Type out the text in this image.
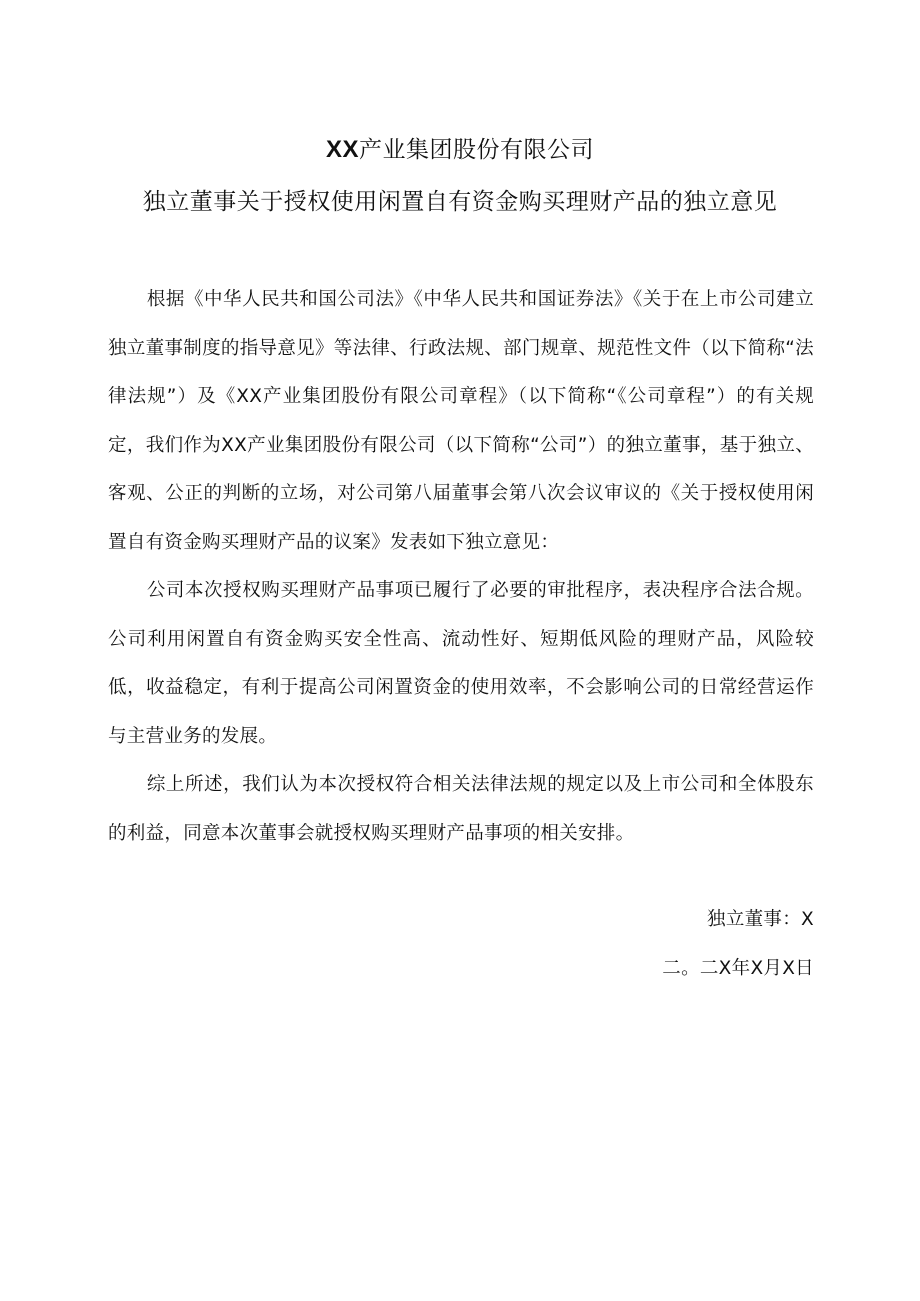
XX产业集团股份有限公司
独立董事关于授权使用闲置自有资金购买理财产品的独立意见

根据《中华人民共和国公司法》《中华人民共和国证券法》《关于在上市公司建立独立董事制度的指导意见》等法律、行政法规、部门规章、规范性文件（以下简称“法律法规”）及《XX产业集团股份有限公司章程》（以下简称“《公司章程”）的有关规定，我们作为XX产业集团股份有限公司（以下简称“公司”）的独立董事，基于独立、客观、公正的判断的立场，对公司第八届董事会第八次会议审议的《关于授权使用闲置自有资金购买理财产品的议案》发表如下独立意见：

公司本次授权购买理财产品事项已履行了必要的审批程序，表决程序合法合规。公司利用闲置自有资金购买安全性高、流动性好、短期低风险的理财产品，风险较低，收益稳定，有利于提高公司闲置资金的使用效率，不会影响公司的日常经营运作与主营业务的发展。

综上所述，我们认为本次授权符合相关法律法规的规定以及上市公司和全体股东的利益，同意本次董事会就授权购买理财产品事项的相关安排。

独立董事：X
二。二X年X月X日
